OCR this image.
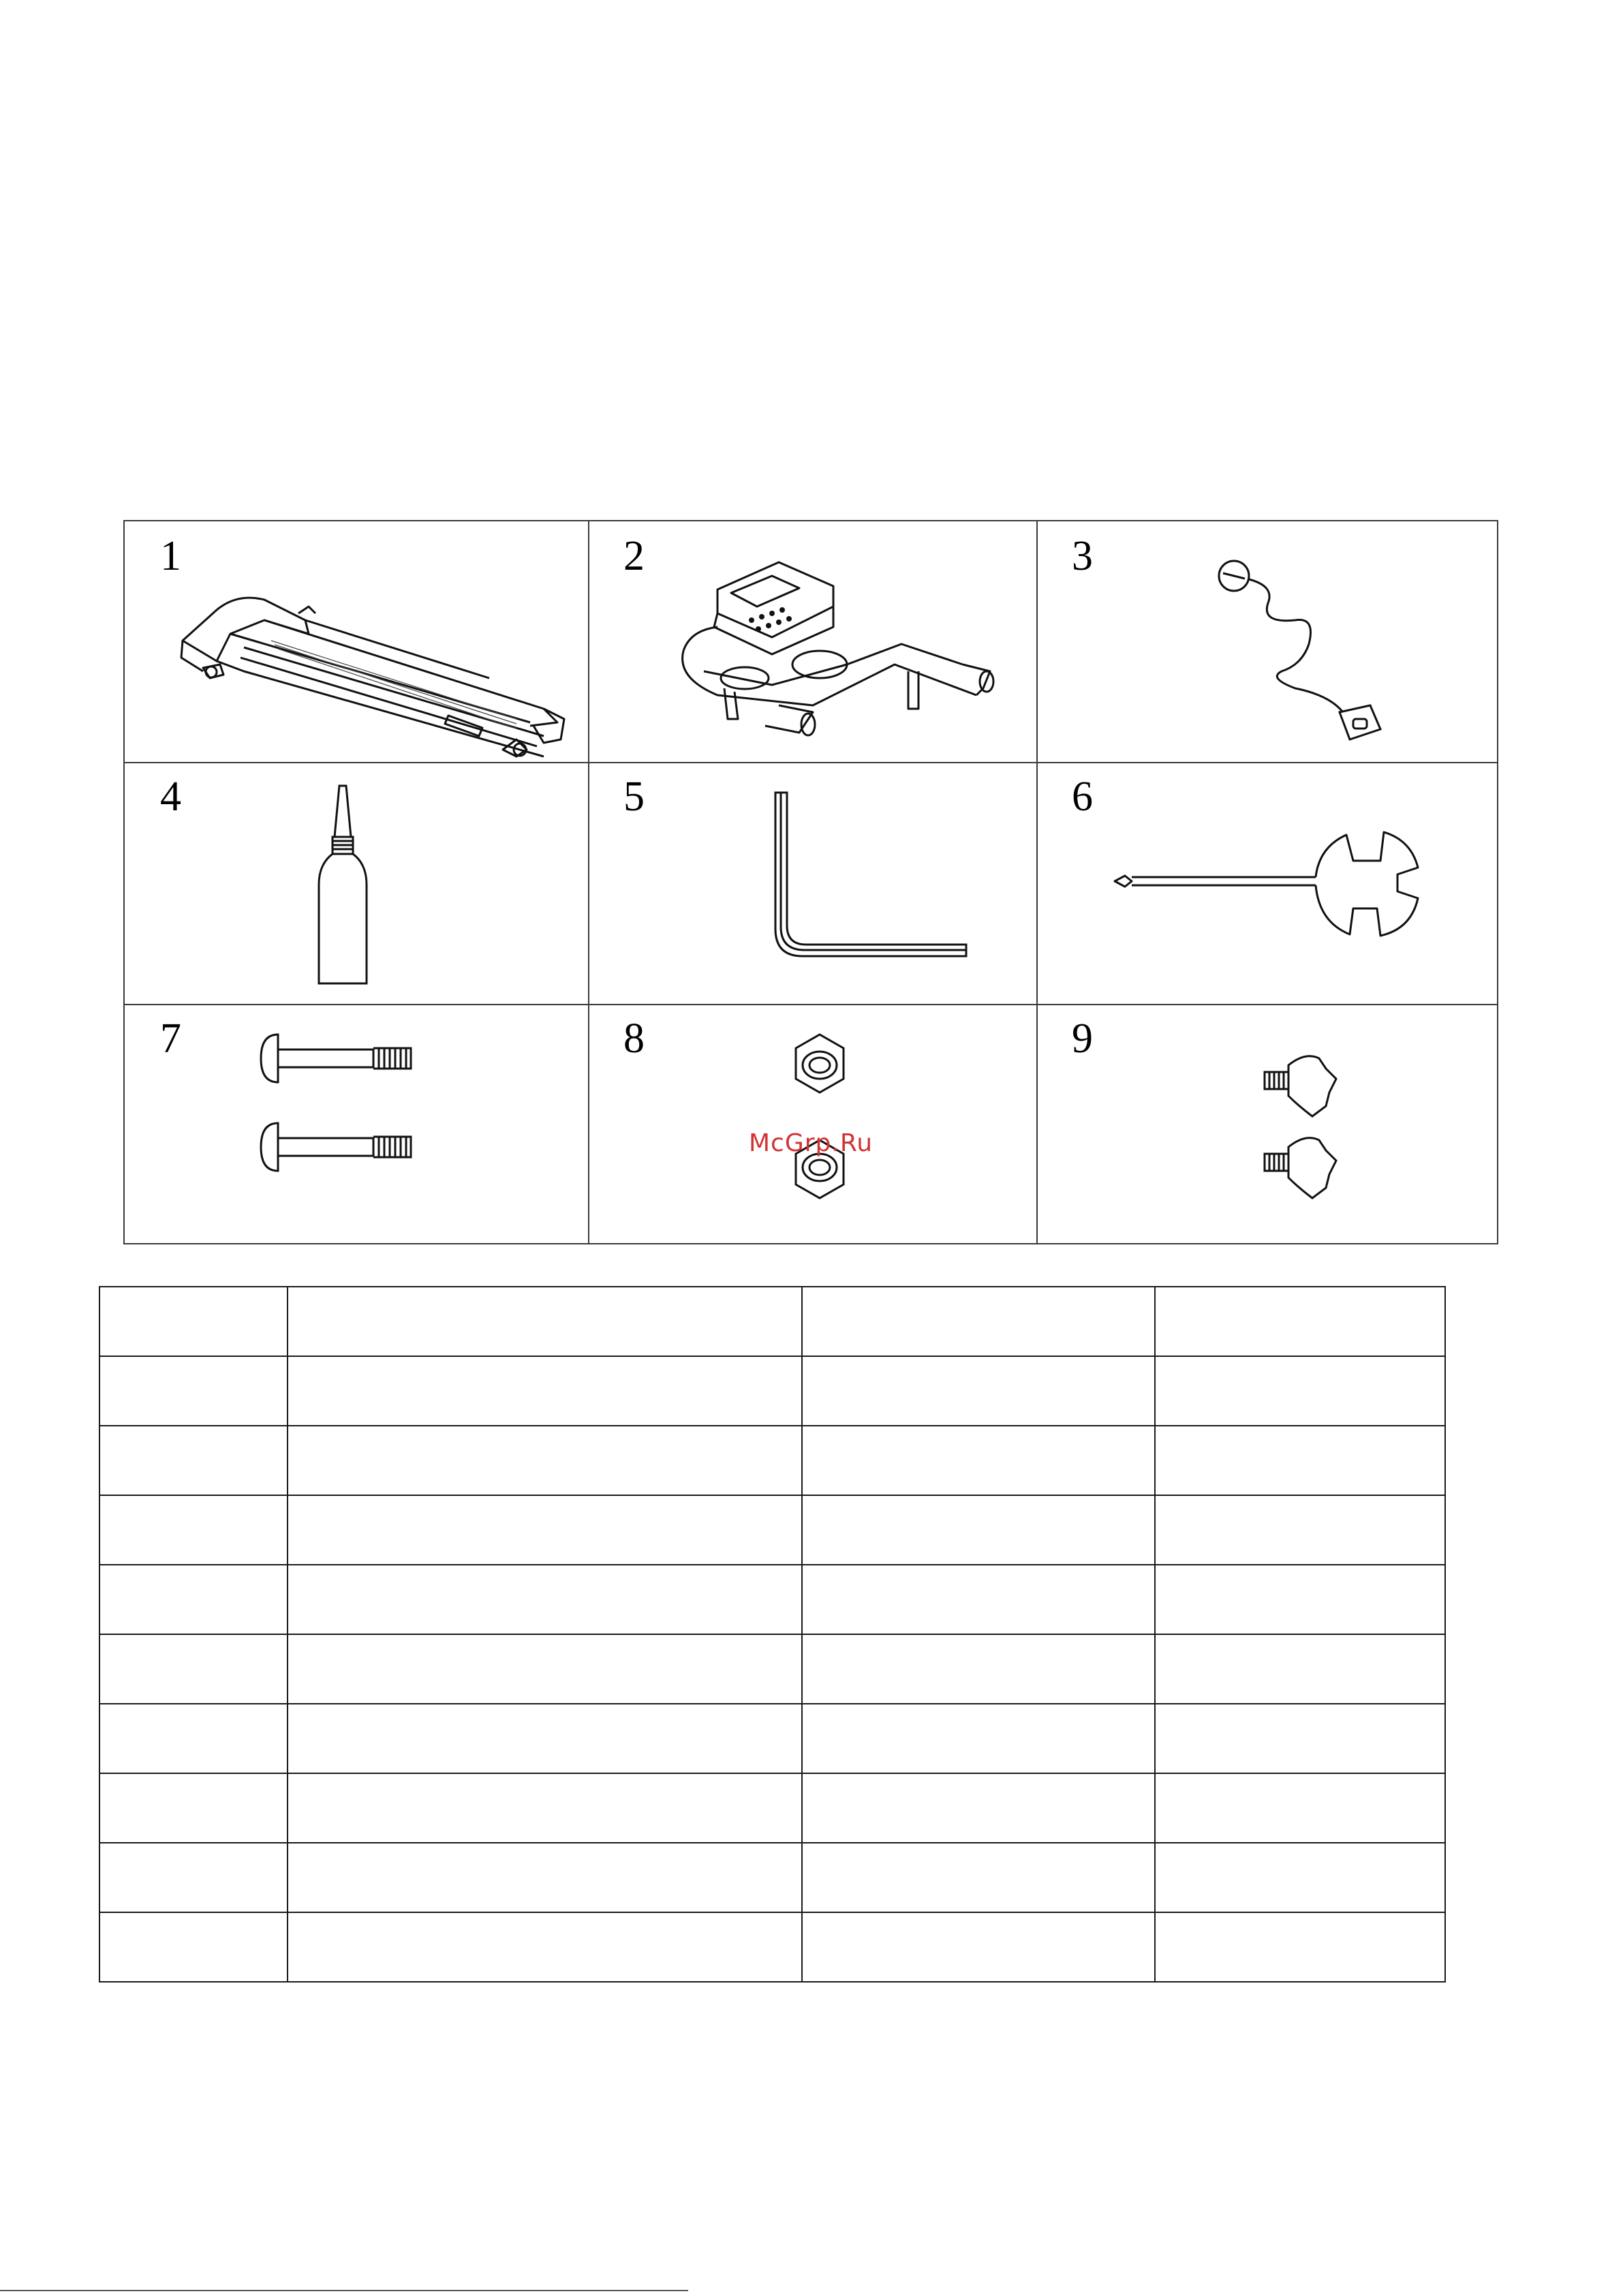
1	2	3
4	5	6
7	8	9
McGrp.Ru
